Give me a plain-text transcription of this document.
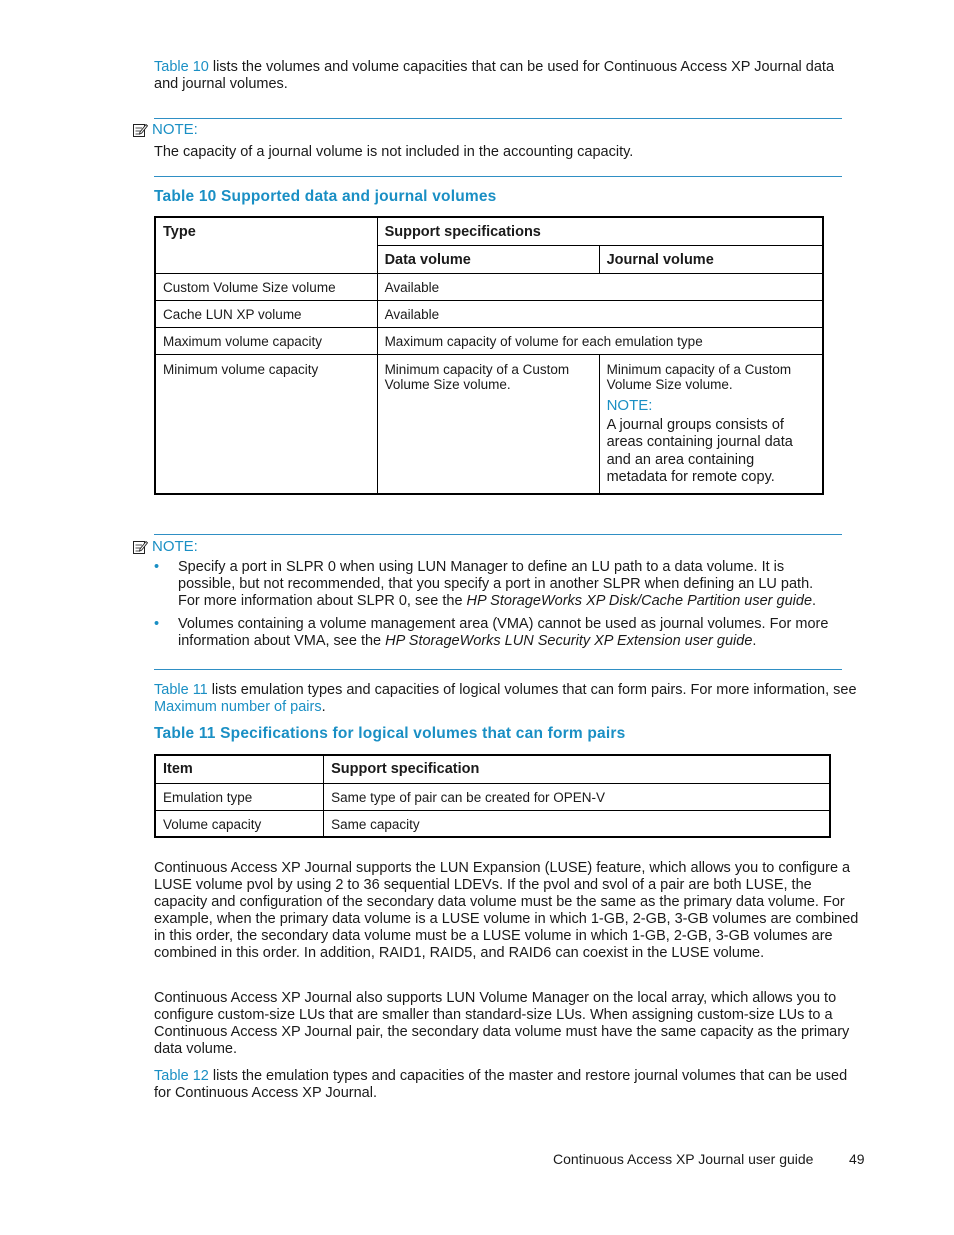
Table 10 lists the volumes and volume capacities that can be used for Continuous Access XP Journal data and journal volumes.

NOTE:

The capacity of a journal volume is not included in the accounting capacity.

Table 10 Supported data and journal volumes
Type	Support specifications	
	Data volume	Journal volume
Custom Volume Size volume	Available	
Cache LUN XP volume	Available	
Maximum volume capacity	Maximum capacity of volume for each emulation type	
Minimum volume capacity	Minimum capacity of a Custom Volume Size volume.	Minimum capacity of a Custom Volume Size volume.
NOTE:
A journal groups consists of areas containing journal data and an area containing metadata for remote copy.
NOTE:
• Specify a port in SLPR 0 when using LUN Manager to define an LU path to a data volume. It is possible, but not recommended, that you specify a port in another SLPR when defining an LU path. For more information about SLPR 0, see the HP StorageWorks XP Disk/Cache Partition user guide.
• Volumes containing a volume management area (VMA) cannot be used as journal volumes. For more information about VMA, see the HP StorageWorks LUN Security XP Extension user guide.

Table 11 lists emulation types and capacities of logical volumes that can form pairs. For more information, see Maximum number of pairs.

Table 11 Specifications for logical volumes that can form pairs
Item	Support specification
Emulation type	Same type of pair can be created for OPEN-V
Volume capacity	Same capacity

Continuous Access XP Journal supports the LUN Expansion (LUSE) feature, which allows you to configure a LUSE volume pvol by using 2 to 36 sequential LDEVs. If the pvol and svol of a pair are both LUSE, the capacity and configuration of the secondary data volume must be the same as the primary data volume. For example, when the primary data volume is a LUSE volume in which 1-GB, 2-GB, 3-GB volumes are combined in this order, the secondary data volume must be a LUSE volume in which 1-GB, 2-GB, 3-GB volumes are combined in this order. In addition, RAID1, RAID5, and RAID6 can coexist in the LUSE volume.

Continuous Access XP Journal also supports LUN Volume Manager on the local array, which allows you to configure custom-size LUs that are smaller than standard-size LUs. When assigning custom-size LUs to a Continuous Access XP Journal pair, the secondary data volume must have the same capacity as the primary data volume.

Table 12 lists the emulation types and capacities of the master and restore journal volumes that can be used for Continuous Access XP Journal.

Continuous Access XP Journal user guide	49
